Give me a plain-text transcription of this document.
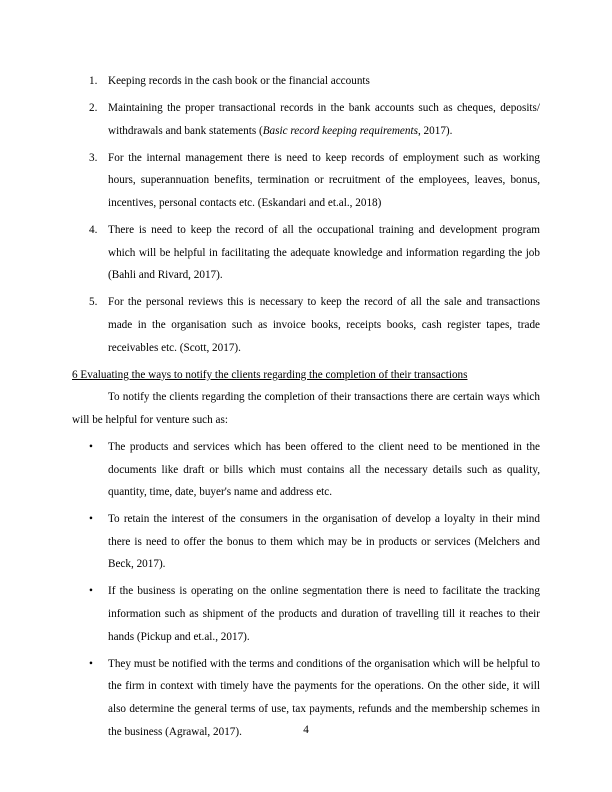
1. Keeping records in the cash book or the financial accounts
2. Maintaining the proper transactional records in the bank accounts such as cheques, deposits/ withdrawals and bank statements (Basic record keeping requirements, 2017).
3. For the internal management there is need to keep records of employment such as working hours, superannuation benefits, termination or recruitment of the employees, leaves, bonus, incentives, personal contacts etc. (Eskandari and et.al., 2018)
4. There is need to keep the record of all the occupational training and development program which will be helpful in facilitating the adequate knowledge and information regarding the job (Bahli and Rivard, 2017).
5. For the personal reviews this is necessary to keep the record of all the sale and transactions made in the organisation such as invoice books, receipts books, cash register tapes, trade receivables etc. (Scott, 2017).

6 Evaluating the ways to notify the clients regarding the completion of their transactions

To notify the clients regarding the completion of their transactions there are certain ways which will be helpful for venture such as:

• The products and services which has been offered to the client need to be mentioned in the documents like draft or bills which must contains all the necessary details such as quality, quantity, time, date, buyer's name and address etc.
• To retain the interest of the consumers in the organisation of develop a loyalty in their mind there is need to offer the bonus to them which may be in products or services (Melchers and Beck, 2017).
• If the business is operating on the online segmentation there is need to facilitate the tracking information such as shipment of the products and duration of travelling till it reaches to their hands (Pickup and et.al., 2017).
• They must be notified with the terms and conditions of the organisation which will be helpful to the firm in context with timely have the payments for the operations. On the other side, it will also determine the general terms of use, tax payments, refunds and the membership schemes in the business (Agrawal, 2017).	4
